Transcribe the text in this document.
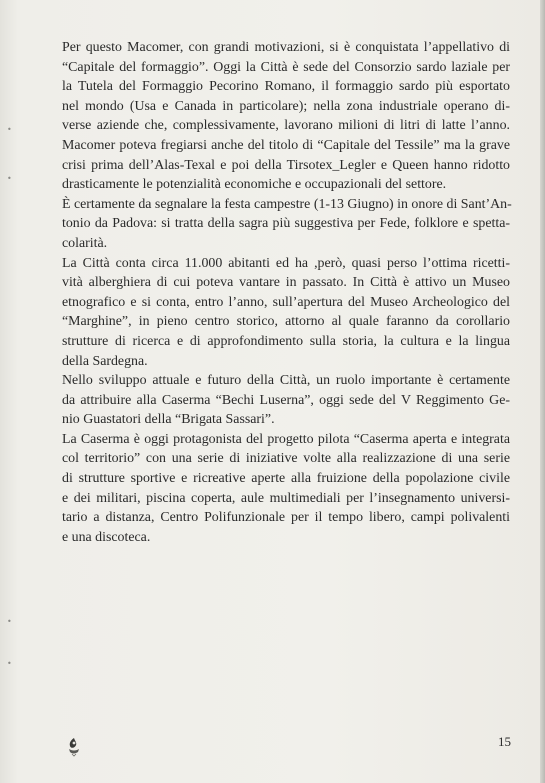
•
•
•
•
Per questo Macomer, con grandi motivazioni, si è conquistata l’appellativo di
“Capitale del formaggio”. Oggi la Città è sede del Consorzio sardo laziale per
la Tutela del Formaggio Pecorino Romano, il formaggio sardo più esportato
nel mondo (Usa e Canada in particolare); nella zona industriale operano di-
verse aziende che, complessivamente, lavorano milioni di litri di latte l’anno.
Macomer poteva fregiarsi anche del titolo di “Capitale del Tessile” ma la grave
crisi prima dell’Alas-Texal e poi della Tirsotex_Legler e Queen hanno ridotto
drasticamente le potenzialità economiche e occupazionali del settore.
È certamente da segnalare la festa campestre (1-13 Giugno) in onore di Sant’An-
tonio da Padova: si tratta della sagra più suggestiva per Fede, folklore e spetta-
colarità.
La Città conta circa 11.000 abitanti ed ha ,però, quasi perso l’ottima ricetti-
vità alberghiera di cui poteva vantare in passato. In Città è attivo un Museo
etnografico e si conta, entro l’anno, sull’apertura del Museo Archeologico del
“Marghine”, in pieno centro storico, attorno al quale faranno da corollario
strutture di ricerca e di approfondimento sulla storia, la cultura e la lingua
della Sardegna.
Nello sviluppo attuale e futuro della Città, un ruolo importante è certamente
da attribuire alla Caserma “Bechi Luserna”, oggi sede del V Reggimento Ge-
nio Guastatori della “Brigata Sassari”.
La Caserma è oggi protagonista del progetto pilota “Caserma aperta e integrata
col territorio” con una serie di iniziative volte alla realizzazione di una serie
di strutture sportive e ricreative aperte alla fruizione della popolazione civile
e dei militari, piscina coperta, aule multimediali per l’insegnamento universi-
tario a distanza, Centro Polifunzionale per il tempo libero, campi polivalenti
e una discoteca.
15
